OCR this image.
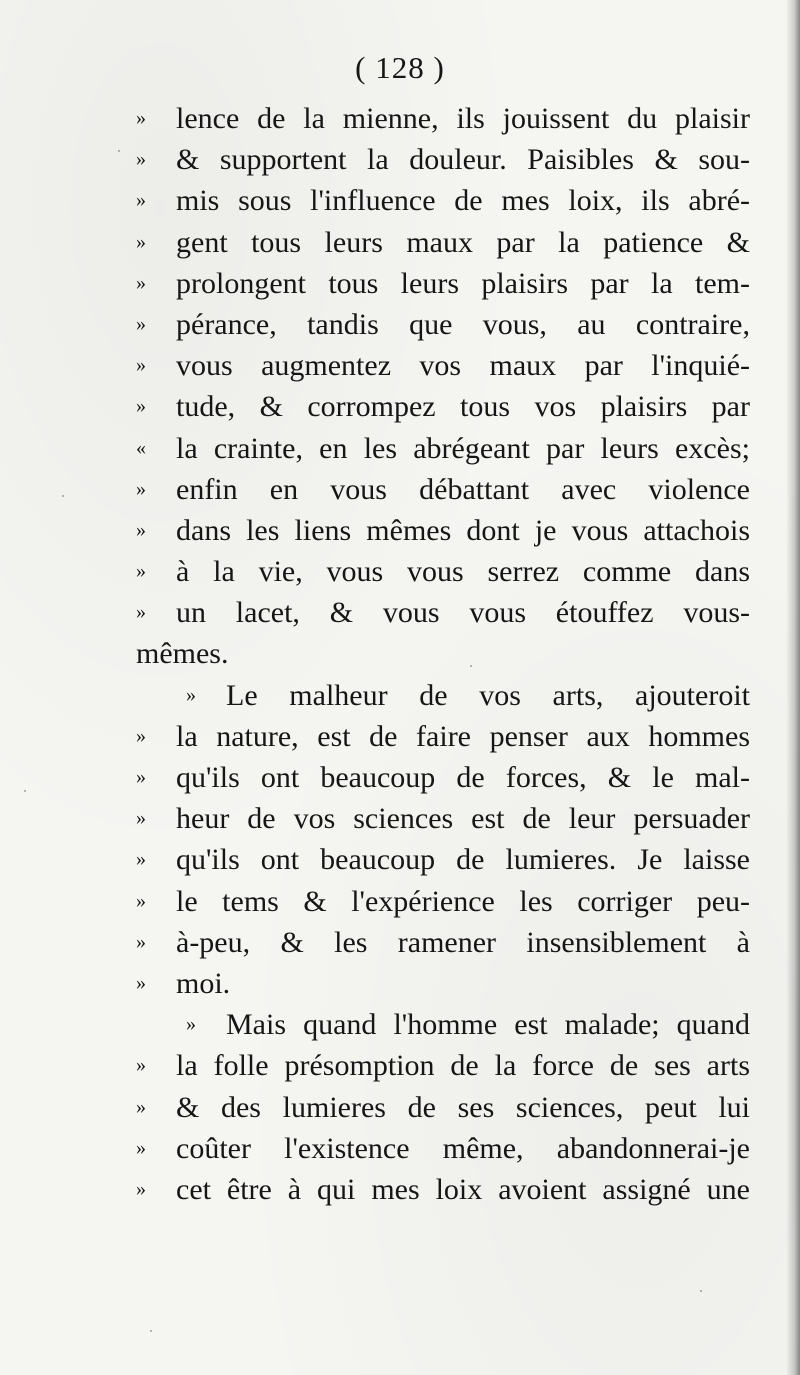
( 128 )
»	lence de la mienne, ils jouissent du plaisir
»	& supportent la douleur. Paisibles & sou-
»	mis sous l'influence de mes loix, ils abré-
»	gent tous leurs maux par la patience &
»	prolongent tous leurs plaisirs par la tem-
»	pérance, tandis que vous, au contraire,
»	vous augmentez vos maux par l'inquié-
»	tude, & corrompez tous vos plaisirs par
«	la crainte, en les abrégeant par leurs excès;
»	enfin en vous débattant avec violence
»	dans les liens mêmes dont je vous attachois
»	à la vie, vous vous serrez comme dans
»	un lacet, & vous vous étouffez vous-
mêmes.
»	Le malheur de vos arts, ajouteroit
»	la nature, est de faire penser aux hommes
»	qu'ils ont beaucoup de forces, & le mal-
»	heur de vos sciences est de leur persuader
»	qu'ils ont beaucoup de lumieres. Je laisse
»	le tems & l'expérience les corriger peu-
»	à-peu, & les ramener insensiblement à
»	moi.
»	Mais quand l'homme est malade; quand
»	la folle présomption de la force de ses arts
»	& des lumieres de ses sciences, peut lui
»	coûter l'existence même, abandonnerai-je
»	cet être à qui mes loix avoient assigné une
